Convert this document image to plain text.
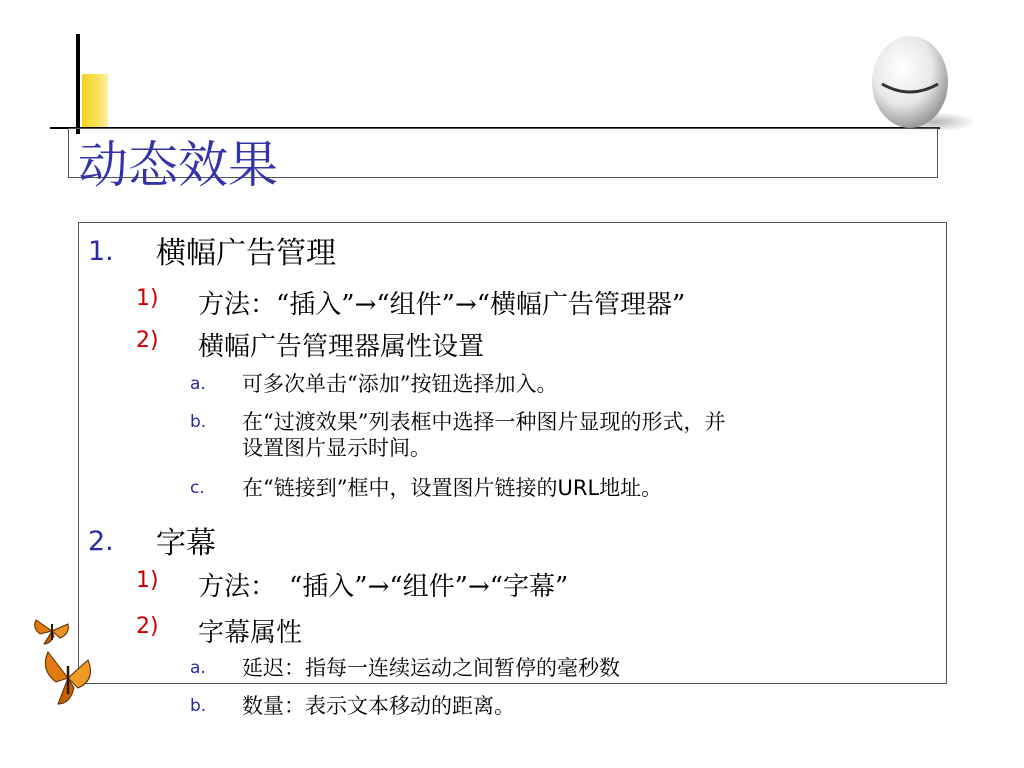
动态效果
1. 横幅广告管理
1) 方法：“插入”→“组件”→“横幅广告管理器”
2) 横幅广告管理器属性设置
a. 可多次单击“添加”按钮选择加入。
b. 在“过渡效果”列表框中选择一种图片显现的形式，并
设置图片显示时间。
c. 在“链接到”框中，设置图片链接的URL地址。
2. 字幕
1) 方法：　“插入”→“组件”→“字幕”
2) 字幕属性
a. 延迟：指每一连续运动之间暂停的毫秒数
b. 数量：表示文本移动的距离。
